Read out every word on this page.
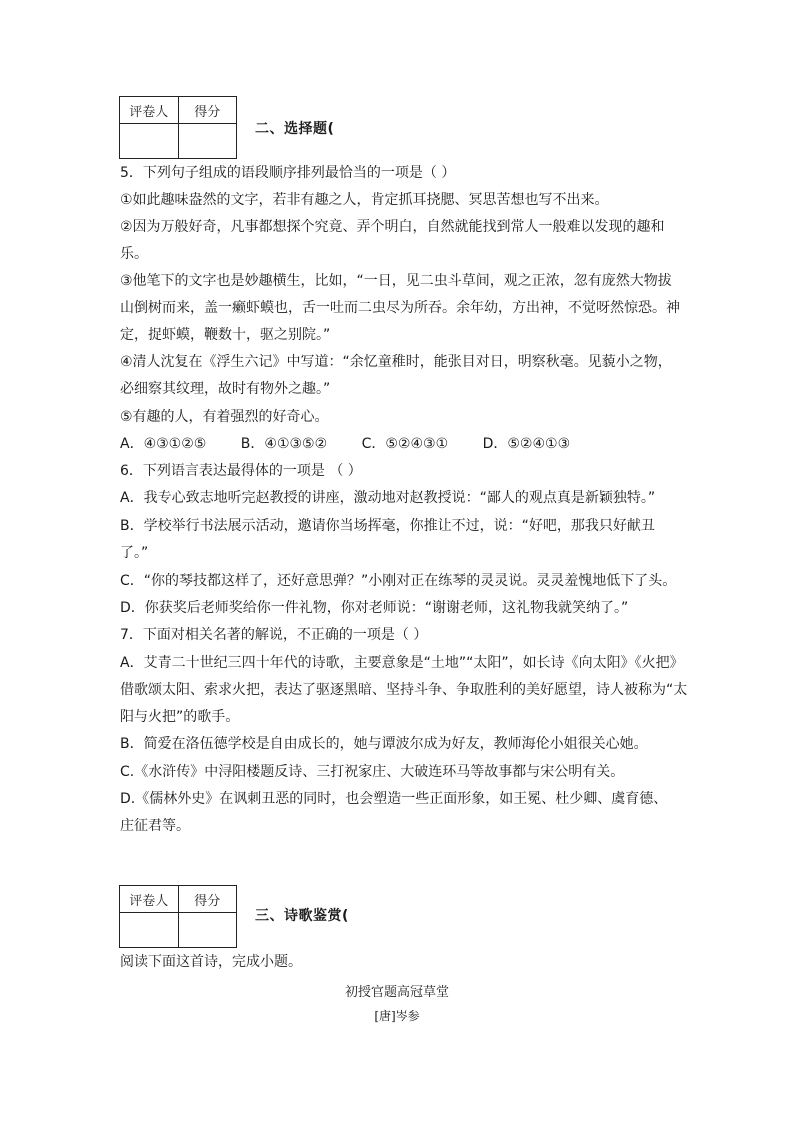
评卷人	得分

二、选择题(
5．下列句子组成的语段顺序排列最恰当的一项是（ ）
①如此趣味盎然的文字，若非有趣之人，肯定抓耳挠腮、冥思苦想也写不出来。
②因为万般好奇，凡事都想探个究竟、弄个明白，自然就能找到常人一般难以发现的趣和
乐。
③他笔下的文字也是妙趣横生，比如，“一日，见二虫斗草间，观之正浓，忽有庞然大物拔
山倒树而来，盖一癞虾蟆也，舌一吐而二虫尽为所吞。余年幼，方出神，不觉呀然惊恐。神
定，捉虾蟆，鞭数十，驱之别院。”
④清人沈复在《浮生六记》中写道：“余忆童稚时，能张目对日，明察秋毫。见藐小之物，
必细察其纹理，故时有物外之趣。”
⑤有趣的人，有着强烈的好奇心。
A．④③①②⑤ B．④①③⑤② C．⑤②④③① D．⑤②④①③
6．下列语言表达最得体的一项是 （ ）
A．我专心致志地听完赵教授的讲座，激动地对赵教授说：“鄙人的观点真是新颖独特。”
B．学校举行书法展示活动，邀请你当场挥毫，你推让不过，说：“好吧，那我只好献丑
了。”
C．“你的琴技都这样了，还好意思弹？”小刚对正在练琴的灵灵说。灵灵羞愧地低下了头。
D．你获奖后老师奖给你一件礼物，你对老师说：“谢谢老师，这礼物我就笑纳了。”
7．下面对相关名著的解说，不正确的一项是（ ）
A．艾青二十世纪三四十年代的诗歌，主要意象是“土地”“太阳”，如长诗《向太阳》《火把》
借歌颂太阳、索求火把，表达了驱逐黑暗、坚持斗争、争取胜利的美好愿望，诗人被称为“太
阳与火把”的歌手。
B．简爱在洛伍德学校是自由成长的，她与谭波尔成为好友，教师海伦小姐很关心她。
C.《水浒传》中浔阳楼题反诗、三打祝家庄、大破连环马等故事都与宋公明有关。
D.《儒林外史》在讽刺丑恶的同时，也会塑造一些正面形象，如王冕、杜少卿、虞育德、
庄征君等。
评卷人	得分

三、诗歌鉴赏(
阅读下面这首诗，完成小题。
初授官题高冠草堂
[唐]岑参
